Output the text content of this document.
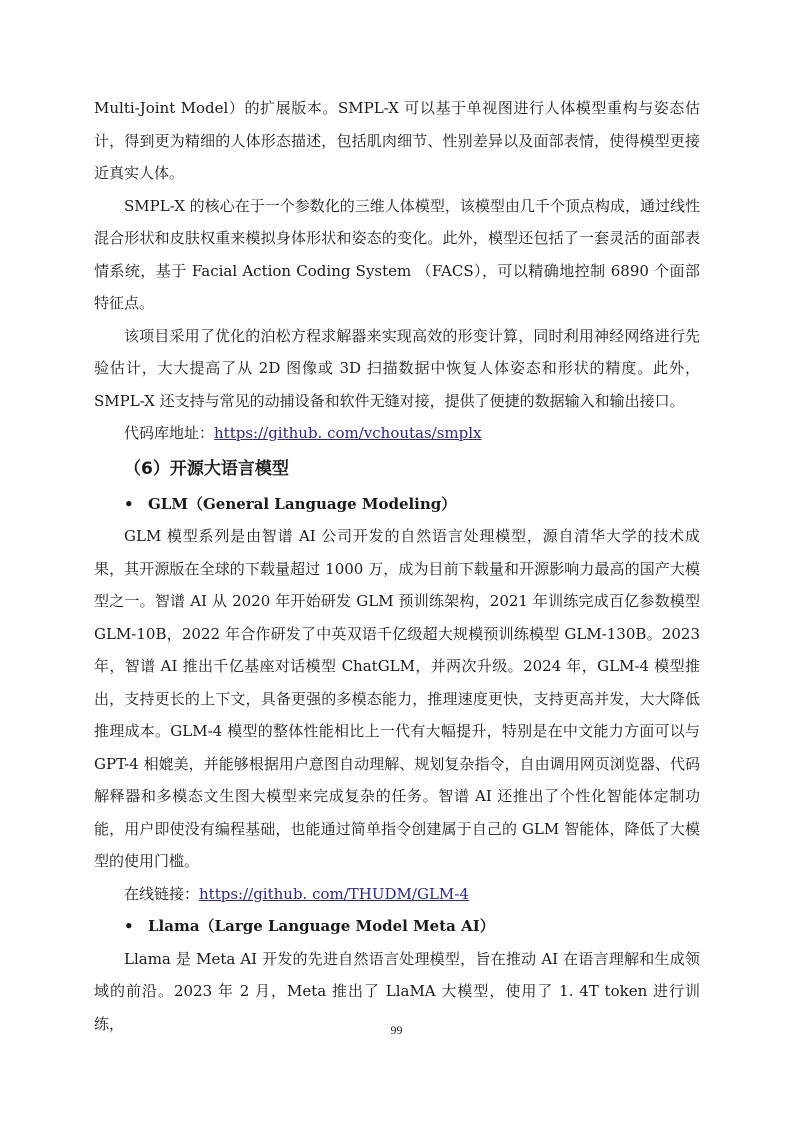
Multi-Joint Model）的扩展版本。SMPL-X 可以基于单视图进行人体模型重构与姿态估计，得到更为精细的人体形态描述，包括肌肉细节、性别差异以及面部表情，使得模型更接近真实人体。

SMPL-X 的核心在于一个参数化的三维人体模型，该模型由几千个顶点构成，通过线性混合形状和皮肤权重来模拟身体形状和姿态的变化。此外，模型还包括了一套灵活的面部表情系统，基于 Facial Action Coding System （FACS），可以精确地控制 6890 个面部特征点。

该项目采用了优化的泊松方程求解器来实现高效的形变计算，同时利用神经网络进行先验估计，大大提高了从 2D 图像或 3D 扫描数据中恢复人体姿态和形状的精度。此外，SMPL-X 还支持与常见的动捕设备和软件无缝对接，提供了便捷的数据输入和输出接口。

代码库地址：https://github. com/vchoutas/smplx

（6）开源大语言模型
• GLM（General Language Modeling）

GLM 模型系列是由智谱 AI 公司开发的自然语言处理模型，源自清华大学的技术成果，其开源版在全球的下载量超过 1000 万，成为目前下载量和开源影响力最高的国产大模型之一。智谱 AI 从 2020 年开始研发 GLM 预训练架构，2021 年训练完成百亿参数模型 GLM-10B，2022 年合作研发了中英双语千亿级超大规模预训练模型 GLM-130B。2023 年，智谱 AI 推出千亿基座对话模型 ChatGLM，并两次升级。2024 年，GLM-4 模型推出，支持更长的上下文，具备更强的多模态能力，推理速度更快，支持更高并发，大大降低推理成本。GLM-4 模型的整体性能相比上一代有大幅提升，特别是在中文能力方面可以与 GPT-4 相媲美，并能够根据用户意图自动理解、规划复杂指令，自由调用网页浏览器、代码解释器和多模态文生图大模型来完成复杂的任务。智谱 AI 还推出了个性化智能体定制功能，用户即使没有编程基础，也能通过简单指令创建属于自己的 GLM 智能体，降低了大模型的使用门槛。

在线链接：https://github. com/THUDM/GLM-4

• Llama（Large Language Model Meta AI）

Llama 是 Meta AI 开发的先进自然语言处理模型，旨在推动 AI 在语言理解和生成领域的前沿。2023 年 2 月，Meta 推出了 LlaMA 大模型，使用了 1. 4T token 进行训练，	99
